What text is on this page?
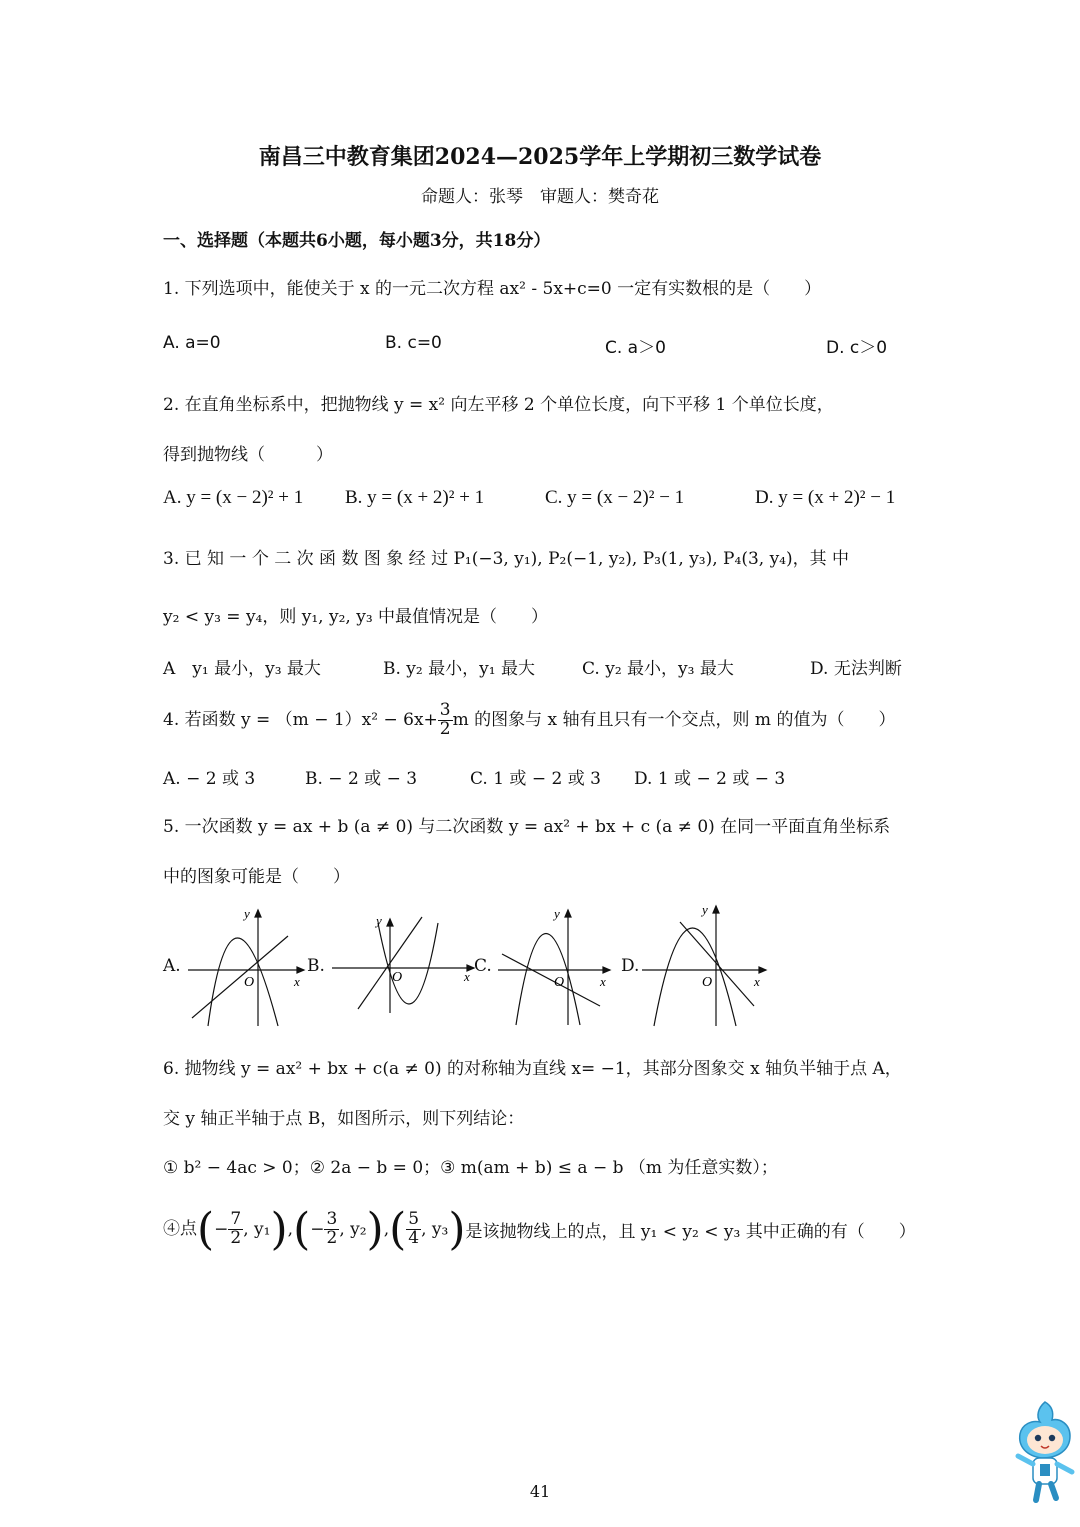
南昌三中教育集团2024—2025学年上学期初三数学试卷
命题人：张琴　审题人：樊奇花
一、选择题（本题共6小题，每小题3分，共18分）
1. 下列选项中，能使关于 x 的一元二次方程 ax² - 5x+c=0 一定有实数根的是（　　）
A. a=0	B. c=0	C. a＞0	D. c＞0
2. 在直角坐标系中，把抛物线 y = x² 向左平移 2 个单位长度，向下平移 1 个单位长度，
得到抛物线（　　　）
A. y = (x − 2)² + 1 B. y = (x + 2)² + 1	C. y = (x − 2)² − 1	D. y = (x + 2)² − 1
3. 已 知 一 个 二 次 函 数 图 象 经 过 P₁(−3, y₁), P₂(−1, y₂), P₃(1, y₃), P₄(3, y₄)，其 中
y₂ < y₃ = y₄，则 y₁, y₂, y₃ 中最值情况是（　　）
A　y₁ 最小，y₃ 最大	B. y₂ 最小，y₁ 最大	C. y₂ 最小，y₃ 最大	D. 无法判断
4. 若函数 $y = (m - 1)x^2 - 6x+ \frac{3}{2}$ m 的图象与 x 轴有且只有一个交点，则 m 的值为（　　）
A. − 2 或 3	B. − 2 或 − 3	C. 1 或 − 2 或 3 D. 1 或 − 2 或 − 3
5. 一次函数 y = ax + b (a ≠ 0) 与二次函数 y = ax² + bx + c (a ≠ 0) 在同一平面直角坐标系
中的图象可能是（　　）
A.	B.	C.	D.
y
x
O
y
x
O
y
x
O
y
x
O
6. 抛物线 y = ax² + bx + c(a ≠ 0) 的对称轴为直线 x= −1，其部分图象交 x 轴负半轴于点 A，
交 y 轴正半轴于点 B，如图所示，则下列结论：
① b² − 4ac > 0；② 2a − b = 0；③ m(am + b) ≤ a − b （m 为任意实数）；
④点(− $\frac{7}{2}$ , $y_1),(- \frac{3}{2}$ , $y_2),( \frac{5}{4}$ , y₃)是该抛物线上的点，且 y₁ < y₂ < y₃ 其中正确的有（　　）
41
